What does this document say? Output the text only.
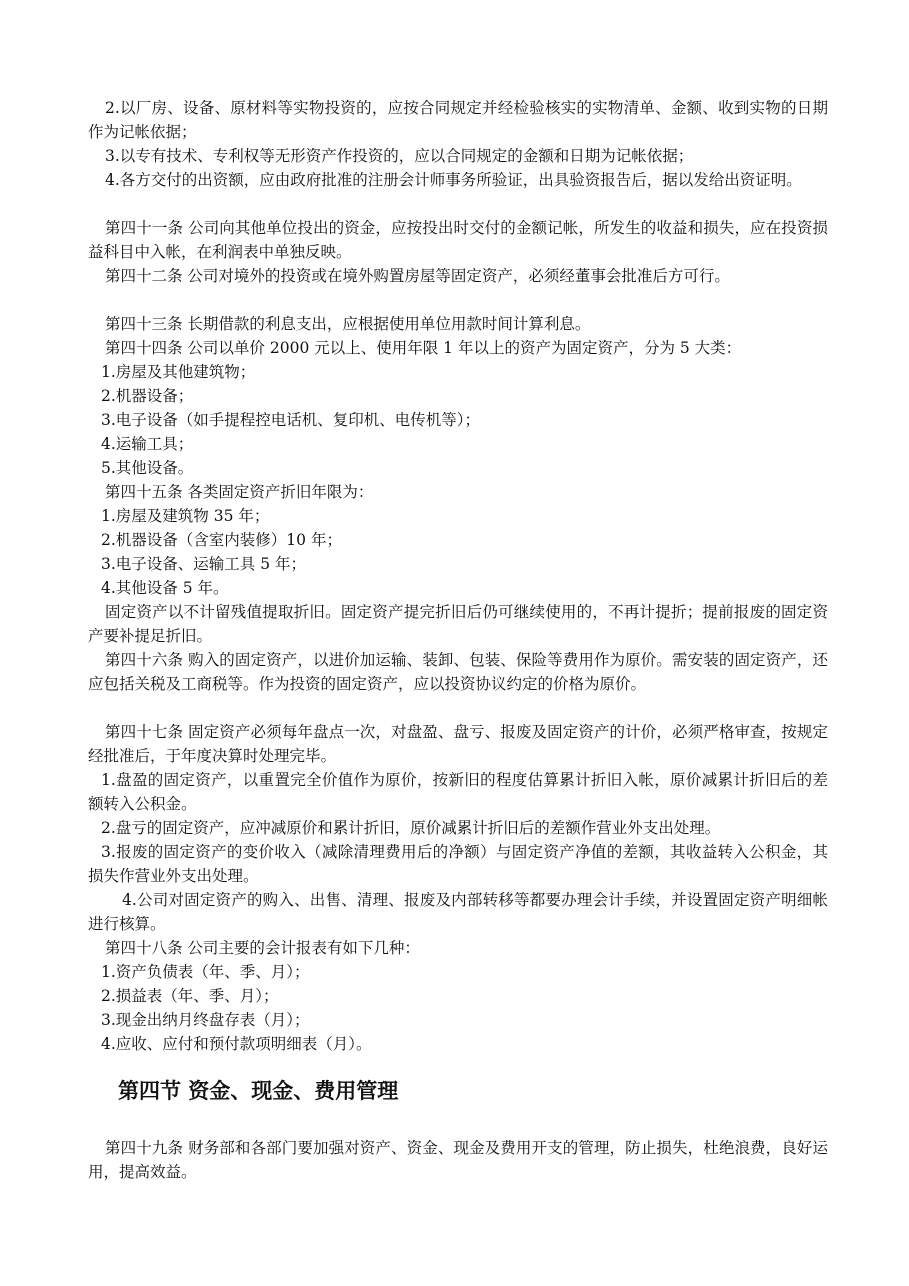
2.以厂房、设备、原材料等实物投资的，应按合同规定并经检验核实的实物清单、金额、收到实物的日期作为记帐依据；

3.以专有技术、专利权等无形资产作投资的，应以合同规定的金额和日期为记帐依据；

4.各方交付的出资额，应由政府批准的注册会计师事务所验证，出具验资报告后，据以发给出资证明。

第四十一条 公司向其他单位投出的资金，应按投出时交付的金额记帐，所发生的收益和损失，应在投资损益科目中入帐，在利润表中单独反映。

第四十二条 公司对境外的投资或在境外购置房屋等固定资产，必须经董事会批准后方可行。

第四十三条 长期借款的利息支出，应根据使用单位用款时间计算利息。

第四十四条 公司以单价 2000 元以上、使用年限 1 年以上的资产为固定资产，分为 5 大类：

1.房屋及其他建筑物；

2.机器设备；

3.电子设备（如手提程控电话机、复印机、电传机等）；

4.运输工具；

5.其他设备。

第四十五条 各类固定资产折旧年限为：

1.房屋及建筑物 35 年；

2.机器设备（含室内装修）10 年；

3.电子设备、运输工具 5 年；

4.其他设备 5 年。

固定资产以不计留残值提取折旧。固定资产提完折旧后仍可继续使用的，不再计提折；提前报废的固定资产要补提足折旧。

第四十六条 购入的固定资产，以进价加运输、装卸、包装、保险等费用作为原价。需安装的固定资产，还应包括关税及工商税等。作为投资的固定资产，应以投资协议约定的价格为原价。

第四十七条 固定资产必须每年盘点一次，对盘盈、盘亏、报废及固定资产的计价，必须严格审查，按规定经批准后，于年度决算时处理完毕。

1.盘盈的固定资产，以重置完全价值作为原价，按新旧的程度估算累计折旧入帐，原价减累计折旧后的差额转入公积金。

2.盘亏的固定资产，应冲减原价和累计折旧，原价减累计折旧后的差额作营业外支出处理。

3.报废的固定资产的变价收入（减除清理费用后的净额）与固定资产净值的差额，其收益转入公积金，其损失作营业外支出处理。

4.公司对固定资产的购入、出售、清理、报废及内部转移等都要办理会计手续，并设置固定资产明细帐进行核算。

第四十八条 公司主要的会计报表有如下几种：

1.资产负债表（年、季、月）；

2.损益表（年、季、月）；

3.现金出纳月终盘存表（月）；

4.应收、应付和预付款项明细表（月）。

第四节 资金、现金、费用管理

第四十九条 财务部和各部门要加强对资产、资金、现金及费用开支的管理，防止损失，杜绝浪费，良好运用，提高效益。
